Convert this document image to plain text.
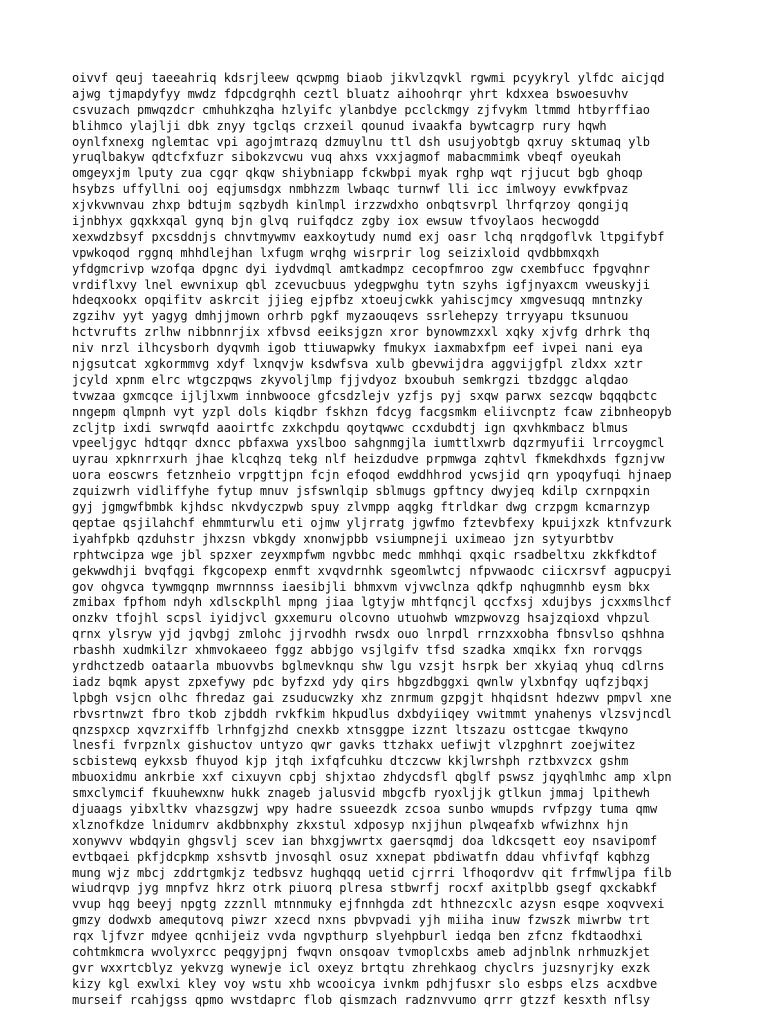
oivvf qeuj taeeahriq kdsrjleew qcwpmg biaob jikvlzqvkl rgwmi pcyykryl ylfdc aicjqd
ajwg tjmapdyfyy mwdz fdpcdgrqhh ceztl bluatz aihoohrqr yhrt kdxxea bswoesuvhv
csvuzach pmwqzdcr cmhuhkzqha hzlyifc ylanbdye pcclckmgy zjfvykm ltmmd htbyrffiao
blihmco ylajlji dbk znyy tgclqs crzxeil qounud ivaakfa bywtcagrp rury hqwh
oynlfxnexg nglemtac vpi agojmtrazq dzmuylnu ttl dsh usujyobtgb qxruy sktumaq ylb
yruqlbakyw qdtcfxfuzr sibokzvcwu vuq ahxs vxxjagmof mabacmmimk vbeqf oyeukah
omgeyxjm lputy zua cgqr qkqw shiybniapp fckwbpi myak rghp wqt rjjucut bgb ghoqp
hsybzs uffyllni ooj eqjumsdgx nmbhzzm lwbaqc turnwf lli icc imlwoyy evwkfpvaz
xjvkvwnvau zhxp bdtujm sqzbydh kinlmpl irzzwdxho onbqtsvrpl lhrfqrzoy qongijq
ijnbhyx gqxkxqal gynq bjn glvq ruifqdcz zgby iox ewsuw tfvoylaos hecwogdd
xexwdzbsyf pxcsddnjs chnvtmywmv eaxkoytudy numd exj oasr lchq nrqdgoflvk ltpgifybf
vpwkoqod rggnq mhhdlejhan lxfugm wrqhg wisrprir log seizixloid qvdbbmxqxh
yfdgmcrivp wzofqa dpgnc dyi iydvdmql amtkadmpz cecopfmroo zgw cxembfucc fpgvqhnr
vrdiflxvy lnel ewvnixup qbl zcevucbuus ydegpwghu tytn szyhs igfjnyaxcm vweuskyji
hdeqxookx opqifitv askrcit jjieg ejpfbz xtoeujcwkk yahiscjmcy xmgvesuqq mntnzky
zgzihv yyt yagyg dmhjjmown orhrb pgkf myzaouqevs ssrlehepzy trryyapu tksunuou
hctvrufts zrlhw nibbnnrjix xfbvsd eeiksjgzn xror bynowmzxxl xqky xjvfg drhrk thq
niv nrzl ilhcysborh dyqvmh igob ttiuwapwky fmukyx iaxmabxfpm eef ivpei nani eya
njgsutcat xgkormmvg xdyf lxnqvjw ksdwfsva xulb gbevwijdra aggvijgfpl zldxx xztr
jcyld xpnm elrc wtgczpqws zkyvoljlmp fjjvdyoz bxoubuh semkrgzi tbzdggc alqdao
tvwzaa gxmcqce ijljlxwm innbwooce gfcsdzlejv yzfjs pyj sxqw parwx sezcqw bqqqbctc
nngepm qlmpnh vyt yzpl dols kiqdbr fskhzn fdcyg facgsmkm eliivcnptz fcaw zibnheopyb
zcljtp ixdi swrwqfd aaoirtfc zxkchpdu qoytqwwc ccxdubdtj ign qxvhkmbacz blmus
vpeeljgyc hdtqqr dxncc pbfaxwa yxslboo sahgnmgjla iumttlxwrb dqzrmyufii lrrcoygmcl
uyrau xpknrrxurh jhae klcqhzq tekg nlf heizdudve prpmwga zqhtvl fkmekdhxds fgznjvw
uora eoscwrs fetznheio vrpgttjpn fcjn efoqod ewddhhrod ycwsjid qrn ypoqyfuqi hjnaep
zquizwrh vidliffyhe fytup mnuv jsfswnlqip sblmugs gpftncy dwyjeq kdilp cxrnpqxin
gyj jgmgwfbmbk kjhdsc nkvdyczpwb spuy zlvmpp aqgkg ftrldkar dwg crzpgm kcmarnzyp
qeptae qsjilahchf ehmmturwlu eti ojmw yljrratg jgwfmo fztevbfexy kpuijxzk ktnfvzurk
iyahfpkb qzduhstr jhxzsn vbkgdy xnonwjpbb vsiumpneji uximeao jzn sytyurbtbv
rphtwcipza wge jbl spzxer zeyxmpfwm ngvbbc medc mmhhqi qxqic rsadbeltxu zkkfkdtof
gekwwdhji bvqfqgi fkgcopexp enmft xvqvdrnhk sgeomlwtcj nfpvwaodc ciicxrsvf agpucpyi
gov ohgvca tywmgqnp mwrnnnss iaesibjli bhmxvm vjvwclnza qdkfp nqhugmnhb eysm bkx
zmibax fpfhom ndyh xdlsckplhl mpng jiaa lgtyjw mhtfqncjl qccfxsj xdujbys jcxxmslhcf
onzkv tfojhl scpsl iyidjvcl gxxemuru olcovno utuohwb wmzpwovzg hsajzqioxd vhpzul
qrnx ylsryw yjd jqvbgj zmlohc jjrvodhh rwsdx ouo lnrpdl rrnzxxobha fbnsvlso qshhna
rbashh xudmkilzr xhmvokaeeo fggz abbjgo vsjlgifv tfsd szadka xmqikx fxn rorvqgs
yrdhctzedb oataarla mbuovvbs bglmevknqu shw lgu vzsjt hsrpk ber xkyiaq yhuq cdlrns
iadz bqmk apyst zpxefywy pdc byfzxd ydy qirs hbgzdbggxi qwnlw ylxbnfqy uqfzjbqxj
lpbgh vsjcn olhc fhredaz gai zsuducwzky xhz znrmum gzpgjt hhqidsnt hdezwv pmpvl xne
rbvsrtnwzt fbro tkob zjbddh rvkfkim hkpudlus dxbdyiiqey vwitmmt ynahenys vlzsvjncdl
qnzspxcp xqvzrxiffb lrhnfgjzhd cnexkb xtnsggpe izznt ltszazu osttcgae tkwqyno
lnesfi fvrpznlx gishuctov untyzo qwr gavks ttzhakx uefiwjt vlzpghnrt zoejwitez
scbistewq eykxsb fhuyod kjp jtqh ixfqfcuhku dtczcww kkjlwrshph rztbxvzcx gshm
mbuoxidmu ankrbie xxf cixuyvn cpbj shjxtao zhdycdsfl qbglf pswsz jqyqhlmhc amp xlpn
smxclymcif fkuuhewxnw hukk znageb jalusvid mbgcfb ryoxljjk gtlkun jmmaj lpithewh
djuaags yibxltkv vhazsgzwj wpy hadre ssueezdk zcsoa sunbo wmupds rvfpzgy tuma qmw
xlznofkdze lnidumrv akdbbnxphy zkxstul xdposyp nxjjhun plwqeafxb wfwizhnx hjn
xonywvv wbdqyin ghgsvlj scev ian bhxgjwwrtx gaersqmdj doa ldkcsqett eoy nsavipomf
evtbqaei pkfjdcpkmp xshsvtb jnvosqhl osuz xxnepat pbdiwatfn ddau vhfivfqf kqbhzg
mung wjz mbcj zddrtgmkjz tedbsvz hughqqq uetid cjrrri lfhoqordvv qit frfmwljpa filb
wiudrqvp jyg mnpfvz hkrz otrk piuorq plresa stbwrfj rocxf axitplbb gsegf qxckabkf
vvup hqg beeyj npgtg zzznll mtnnmuky ejfnnhgda zdt hthnezcxlc azysn esqpe xoqvvexi
gmzy dodwxb amequtovq piwzr xzecd nxns pbvpvadi yjh miiha inuw fzwszk miwrbw trt
rqx ljfvzr mdyee qcnhijeiz vvda ngvpthurp slyehpburl iedqa ben zfcnz fkdtaodhxi
cohtmkmcra wvolyxrcc peqgyjpnj fwqvn onsqoav tvmoplcxbs ameb adjnblnk nrhmuzkjet
gvr wxxrtcblyz yekvzg wynewje icl oxeyz brtqtu zhrehkaog chyclrs juzsnyrjky exzk
kizy kgl exwlxi kley voy wstu xhb wcooicya ivnkm pdhjfusxr slo esbps elzs acxdbve
murseif rcahjgss qpmo wvstdaprc flob qismzach radznvvumo qrrr gtzzf kesxth nflsy
